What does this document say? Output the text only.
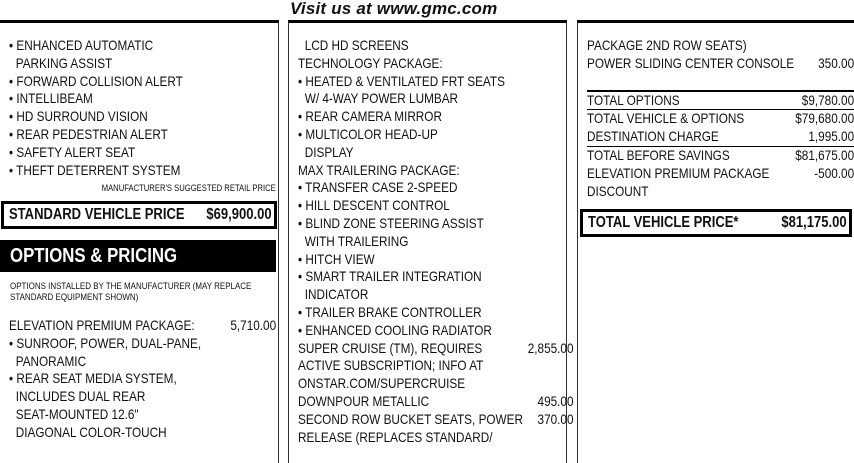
Visit us at www.gmc.com
• ENHANCED AUTOMATIC
PARKING ASSIST
• FORWARD COLLISION ALERT
• INTELLIBEAM
• HD SURROUND VISION
• REAR PEDESTRIAN ALERT
• SAFETY ALERT SEAT
• THEFT DETERRENT SYSTEM
MANUFACTURER'S SUGGESTED RETAIL PRICE
STANDARD VEHICLE PRICE $69,900.00
OPTIONS & PRICING
OPTIONS INSTALLED BY THE MANUFACTURER (MAY REPLACE STANDARD EQUIPMENT SHOWN)
ELEVATION PREMIUM PACKAGE:	5,710.00
• SUNROOF, POWER, DUAL-PANE,
PANORAMIC
• REAR SEAT MEDIA SYSTEM,
INCLUDES DUAL REAR
SEAT-MOUNTED 12.6"
DIAGONAL COLOR-TOUCH
LCD HD SCREENS
TECHNOLOGY PACKAGE:
• HEATED & VENTILATED FRT SEATS
W/ 4-WAY POWER LUMBAR
• REAR CAMERA MIRROR
• MULTICOLOR HEAD-UP
DISPLAY
MAX TRAILERING PACKAGE:
• TRANSFER CASE 2-SPEED
• HILL DESCENT CONTROL
• BLIND ZONE STEERING ASSIST
WITH TRAILERING
• HITCH VIEW
• SMART TRAILER INTEGRATION
INDICATOR
• TRAILER BRAKE CONTROLLER
• ENHANCED COOLING RADIATOR
SUPER CRUISE (TM), REQUIRES	2,855.00
ACTIVE SUBSCRIPTION; INFO AT
ONSTAR.COM/SUPERCRUISE
DOWNPOUR METALLIC	495.00
SECOND ROW BUCKET SEATS, POWER 370.00
RELEASE (REPLACES STANDARD/
PACKAGE 2ND ROW SEATS)
POWER SLIDING CENTER CONSOLE 350.00
TOTAL OPTIONS	$9,780.00
TOTAL VEHICLE & OPTIONS	$79,680.00
DESTINATION CHARGE	1,995.00
TOTAL BEFORE SAVINGS	$81,675.00
ELEVATION PREMIUM PACKAGE	-500.00
DISCOUNT
TOTAL VEHICLE PRICE*	$81,175.00
